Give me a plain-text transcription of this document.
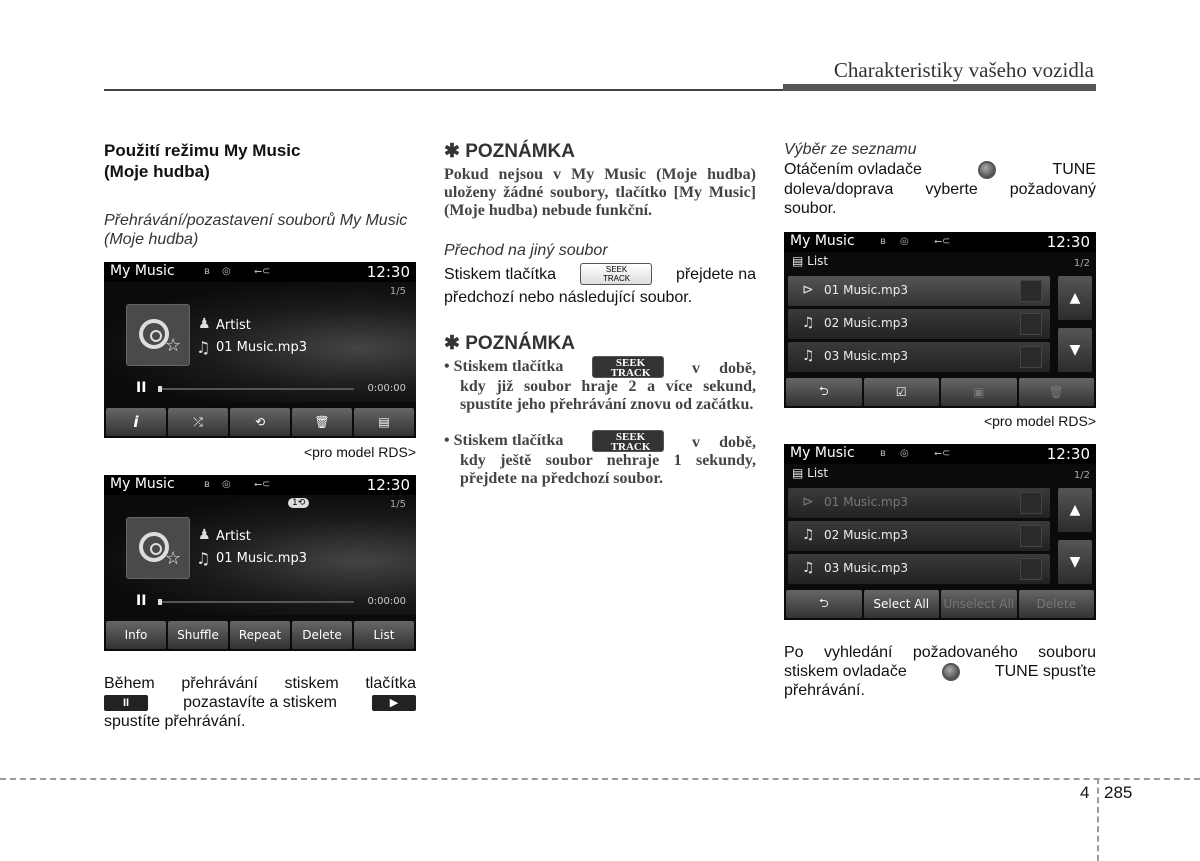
Charakteristiky vašeho vozidla
Použití režimu My Music
(Moje hudba)
Přehrávání/pozastavení souborů My Music (Moje hudba)
My Music	ʙ ◎ ⭠⊂	12:30
1/5
☆
♟ Artist
♫ 01 Music.mp3
II	0:00:00
i	⤮	⟲	🗑	▤
<pro model RDS>
My Music	ʙ ◎ ⭠⊂	12:30
1⟲	1/5
☆
♟ Artist
♫ 01 Music.mp3
II	0:00:00
Info	Shuffle	Repeat	Delete	List
Během přehrávání stiskem tlačítka
II	pozastavíte a stiskem	▶
spustíte přehrávání.
✱ POZNÁMKA
Pokud nejsou v My Music (Moje hudba) uloženy žádné soubory, tlačítko [My Music] (Moje hudba) nebude funkční.
Přechod na jiný soubor
Stiskem tlačítka	SEEK
TRACK	přejdete na
předchozí nebo následující soubor.
✱ POZNÁMKA
• Stiskem tlačítka	SEEK
TRACK	v době, kdy již soubor hraje 2 a více sekund, spustíte jeho přehrávání znovu od začátku.
• Stiskem tlačítka	SEEK
TRACK	v době, kdy ještě soubor nehraje 1 sekundy, přejdete na předchozí soubor.
Výběr ze seznamu
Otáčením ovladače	TUNE
doleva/doprava vyberte požadovaný soubor.
My Music	ʙ ◎	⭠⊂	12:30
▤ List	1/2
⊳ 01 Music.mp3
♫ 02 Music.mp3
♫ 03 Music.mp3
▲
▼
⮌	☑	▣	🗑
<pro model RDS>
My Music	ʙ ◎	⭠⊂	12:30
▤ List	1/2
⊳ 01 Music.mp3
♫ 02 Music.mp3
♫ 03 Music.mp3
▲
▼
⮌	Select All	Unselect All	Delete
Po vyhledání požadovaného souboru
stiskem ovladače	TUNE spusťte
přehrávání.
4 285
